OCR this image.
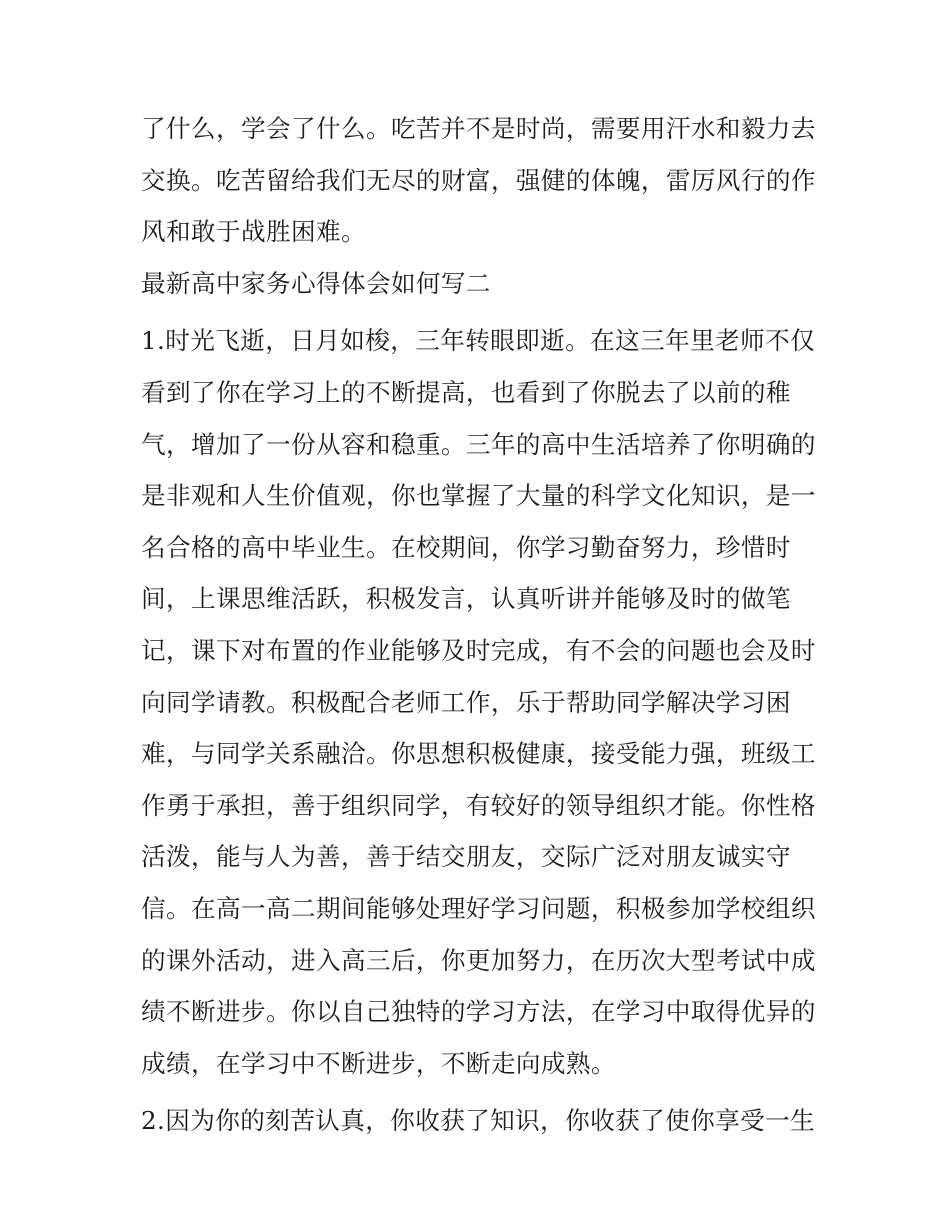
了什么，学会了什么。吃苦并不是时尚，需要用汗水和毅力去
交换。吃苦留给我们无尽的财富，强健的体魄，雷厉风行的作
风和敢于战胜困难。
最新高中家务心得体会如何写二
1.时光飞逝，日月如梭，三年转眼即逝。在这三年里老师不仅
看到了你在学习上的不断提高，也看到了你脱去了以前的稚
气，增加了一份从容和稳重。三年的高中生活培养了你明确的
是非观和人生价值观，你也掌握了大量的科学文化知识，是一
名合格的高中毕业生。在校期间，你学习勤奋努力，珍惜时
间，上课思维活跃，积极发言，认真听讲并能够及时的做笔
记，课下对布置的作业能够及时完成，有不会的问题也会及时
向同学请教。积极配合老师工作，乐于帮助同学解决学习困
难，与同学关系融洽。你思想积极健康，接受能力强，班级工
作勇于承担，善于组织同学，有较好的领导组织才能。你性格
活泼，能与人为善，善于结交朋友，交际广泛对朋友诚实守
信。在高一高二期间能够处理好学习问题，积极参加学校组织
的课外活动，进入高三后，你更加努力，在历次大型考试中成
绩不断进步。你以自己独特的学习方法，在学习中取得优异的
成绩，在学习中不断进步，不断走向成熟。
2.因为你的刻苦认真，你收获了知识，你收获了使你享受一生
